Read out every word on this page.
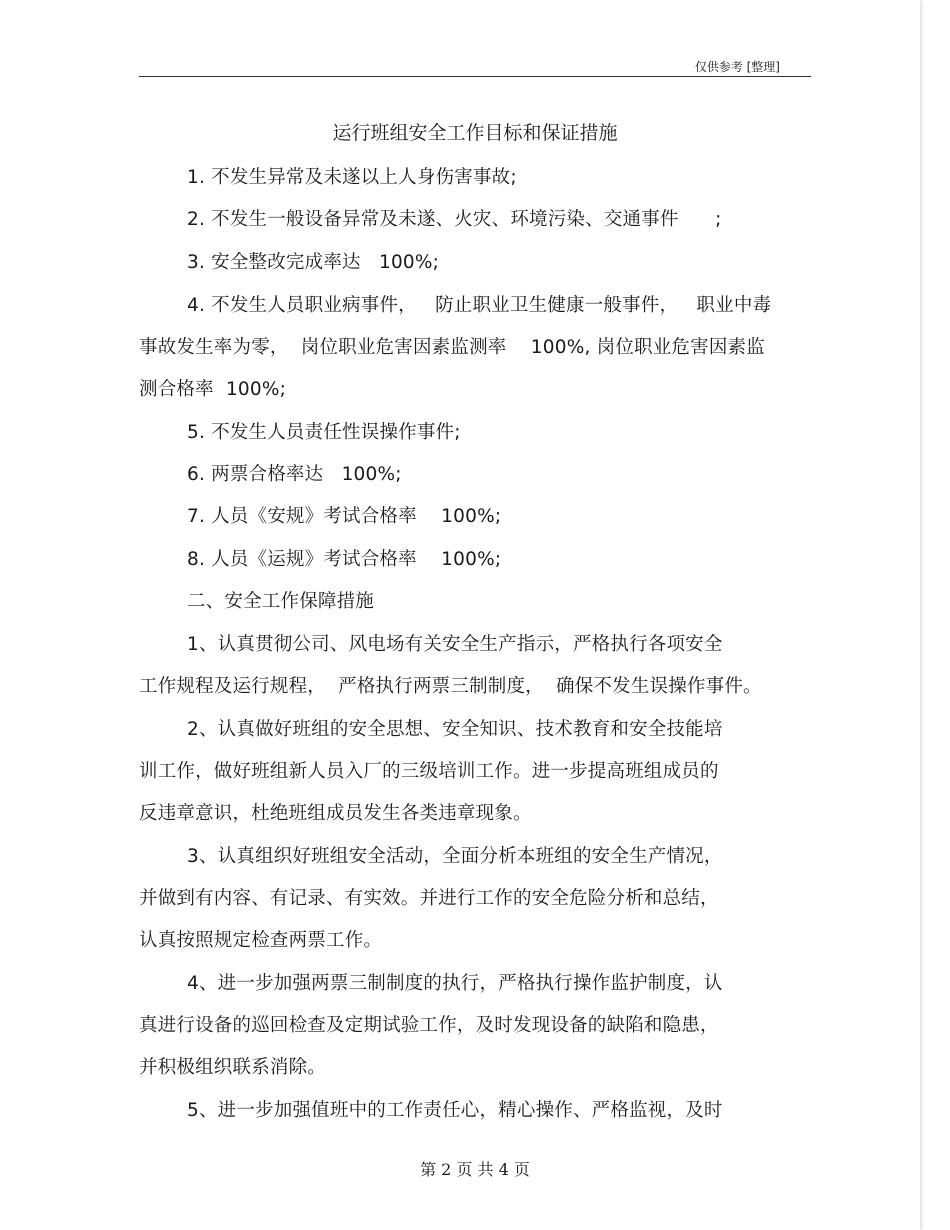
仅供参考 [整理]
运行班组安全工作目标和保证措施
1. 不发生异常及未遂以上人身伤害事故;
2. 不发生一般设备异常及未遂、火灾、环境污染、交通事件      ;
3. 安全整改完成率达   100%;
4. 不发生人员职业病事件，   防止职业卫生健康一般事件，   职业中毒
事故发生率为零，  岗位职业危害因素监测率    100%, 岗位职业危害因素监
测合格率  100%;
5. 不发生人员责任性误操作事件;
6. 两票合格率达   100%;
7. 人员《安规》考试合格率    100%;
8. 人员《运规》考试合格率    100%;
二、安全工作保障措施
1、认真贯彻公司、风电场有关安全生产指示，严格执行各项安全
工作规程及运行规程，  严格执行两票三制制度，  确保不发生误操作事件。
2、认真做好班组的安全思想、安全知识、技术教育和安全技能培
训工作，做好班组新人员入厂的三级培训工作。进一步提高班组成员的
反违章意识，杜绝班组成员发生各类违章现象。
3、认真组织好班组安全活动，全面分析本班组的安全生产情况，
并做到有内容、有记录、有实效。并进行工作的安全危险分析和总结，
认真按照规定检查两票工作。
4、进一步加强两票三制制度的执行，严格执行操作监护制度，认
真进行设备的巡回检查及定期试验工作，及时发现设备的缺陷和隐患，
并积极组织联系消除。
5、进一步加强值班中的工作责任心，精心操作、严格监视，及时
第 2 页 共 4 页
